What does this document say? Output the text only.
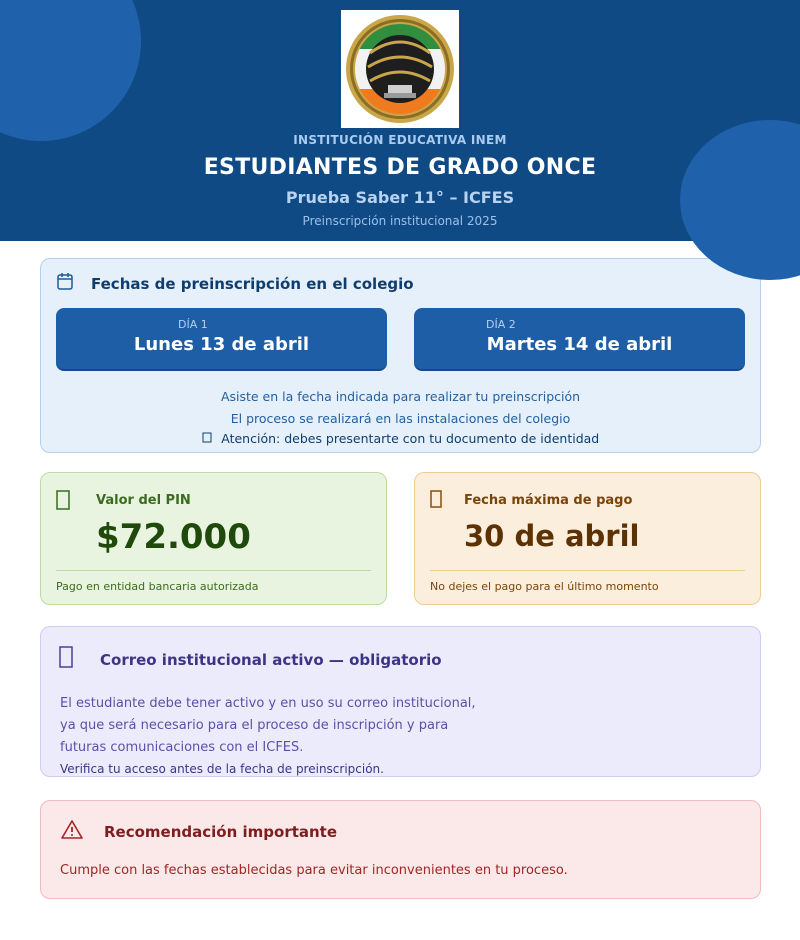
INSTITUCIÓN EDUCATIVA INEM
ESTUDIANTES DE GRADO ONCE
Prueba Saber 11° – ICFES
Preinscripción institucional 2025
Fechas de preinscripción en el colegio
DÍA 1
Lunes 13 de abril
DÍA 2
Martes 14 de abril
Asiste en la fecha indicada para realizar tu preinscripción
El proceso se realizará en las instalaciones del colegio
Atención: debes presentarte con tu documento de identidad
Valor del PIN
$72.000
Pago en entidad bancaria autorizada
Fecha máxima de pago
30 de abril
No dejes el pago para el último momento
Correo institucional activo — obligatorio
El estudiante debe tener activo y en uso su correo institucional,
ya que será necesario para el proceso de inscripción y para
futuras comunicaciones con el ICFES.
Verifica tu acceso antes de la fecha de preinscripción.
Recomendación importante
Cumple con las fechas establecidas para evitar inconvenientes en tu proceso.
